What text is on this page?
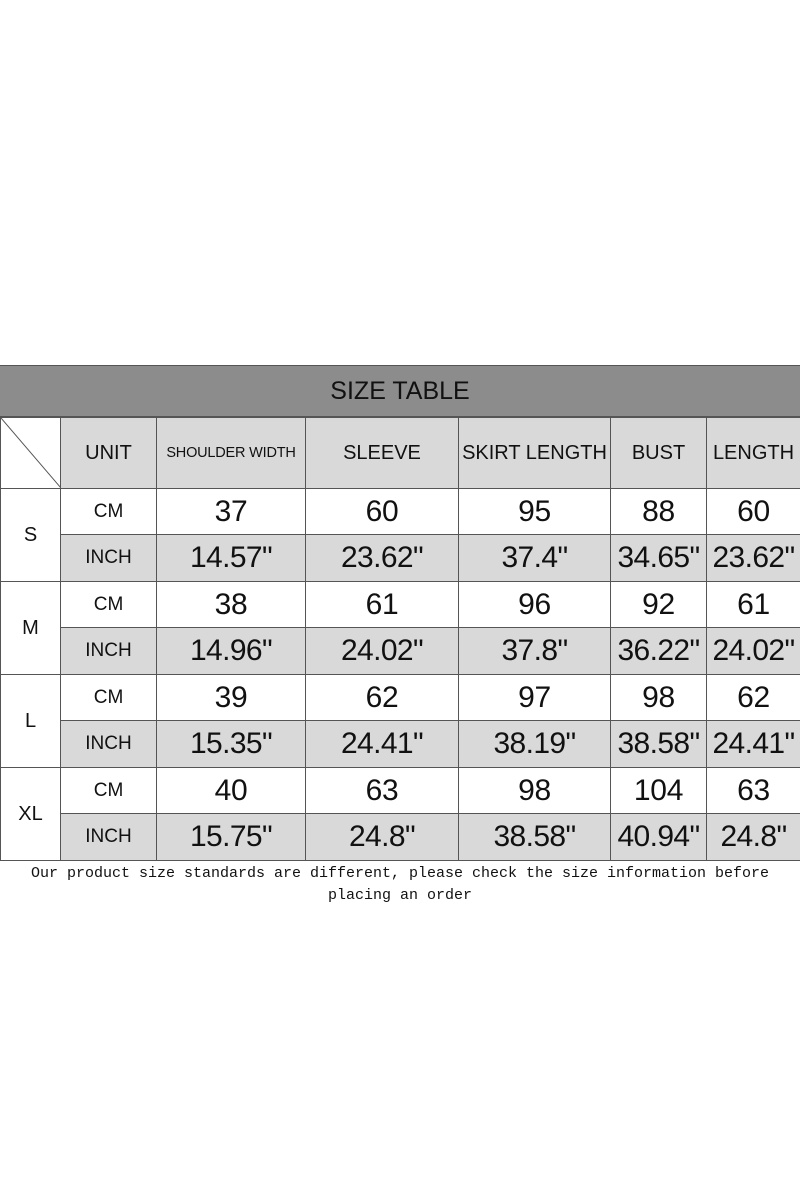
SIZE TABLE
	UNIT	SHOULDER WIDTH	SLEEVE	SKIRT LENGTH	BUST	LENGTH
S	CM	37	60	95	88	60
	INCH	14.57"	23.62"	37.4"	34.65"	23.62"
M	CM	38	61	96	92	61
	INCH	14.96"	24.02"	37.8"	36.22"	24.02"
L	CM	39	62	97	98	62
	INCH	15.35"	24.41"	38.19"	38.58"	24.41"
XL	CM	40	63	98	104	63
	INCH	15.75"	24.8"	38.58"	40.94"	24.8"
Our product size standards are different, please check the size information before placing an order
